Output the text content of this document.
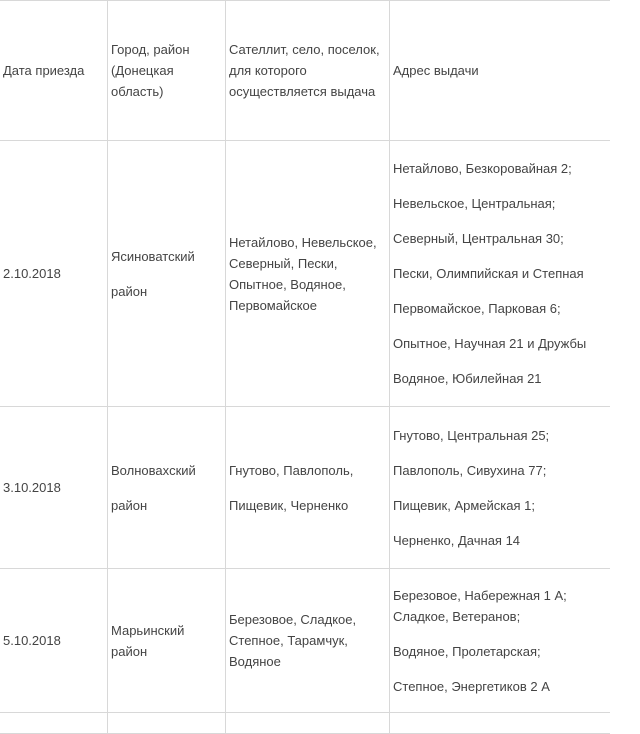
Дата приезда
Город, район (Донецкая область)
Сателлит, село, поселок, для которого осуществляется выдача
Адрес выдачи
2.10.2018
Ясиноватский
район
Нетайлово, Невельское, Северный, Пески, Опытное, Водяное, Первомайское
Нетайлово, Безкоровайная 2;
Невельское, Центральная;
Северный, Центральная 30;
Пески, Олимпийская и Степная
Первомайское, Парковая 6;
Опытное, Научная 21 и Дружбы
Водяное, Юбилейная 21
3.10.2018
Волноваxский
район
Гнутово, Павлополь,
Пищевик, Черненко
Гнутово, Центральная 25;
Павлополь, Сивухина 77;
Пищевик, Армейская 1;
Черненко, Дачная 14
5.10.2018
Марьинский район
Березовое, Сладкое, Степное, Тарамчук, Водяное
Березовое, Набережная 1 А;
Сладкое, Ветеранов;
Водяное, Пролетарская;
Степное, Энергетиков 2 А
